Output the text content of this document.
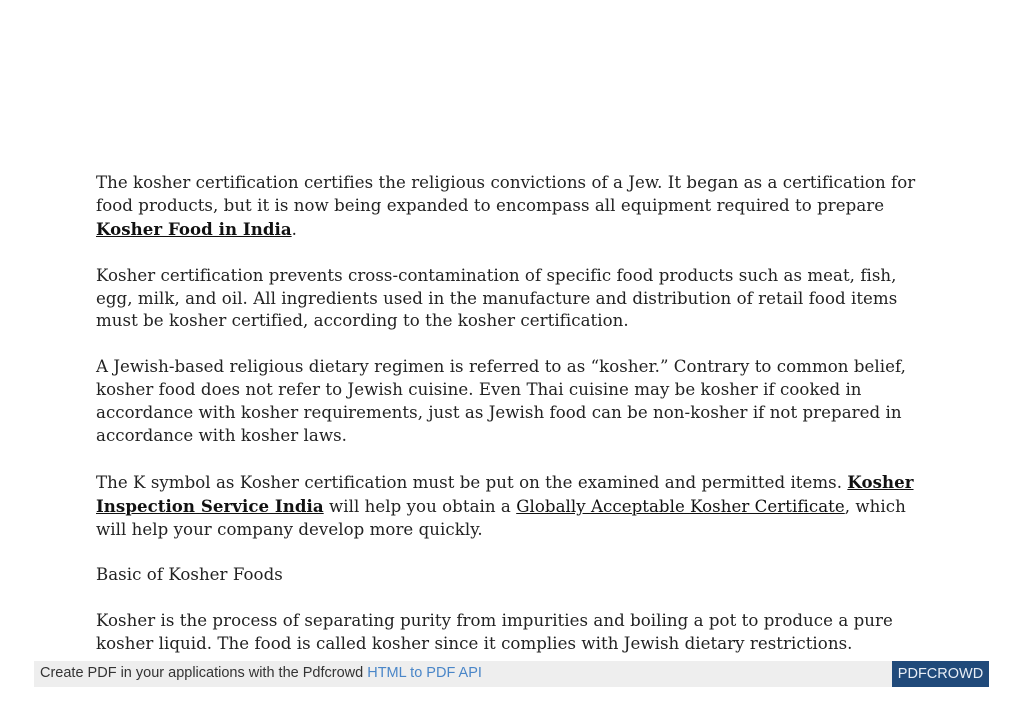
The kosher certification certifies the religious convictions of a Jew. It began as a certification for food products, but it is now being expanded to encompass all equipment required to prepare Kosher Food in India.

Kosher certification prevents cross-contamination of specific food products such as meat, fish, egg, milk, and oil. All ingredients used in the manufacture and distribution of retail food items must be kosher certified, according to the kosher certification.

A Jewish-based religious dietary regimen is referred to as “kosher.” Contrary to common belief, kosher food does not refer to Jewish cuisine. Even Thai cuisine may be kosher if cooked in accordance with kosher requirements, just as Jewish food can be non-kosher if not prepared in accordance with kosher laws.

The K symbol as Kosher certification must be put on the examined and permitted items. Kosher Inspection Service India will help you obtain a Globally Acceptable Kosher Certificate, which will help your company develop more quickly.

Basic of Kosher Foods

Kosher is the process of separating purity from impurities and boiling a pot to produce a pure kosher liquid. The food is called kosher since it complies with Jewish dietary restrictions.

Create PDF in your applications with the Pdfcrowd HTML to PDF API	PDFCROWD
